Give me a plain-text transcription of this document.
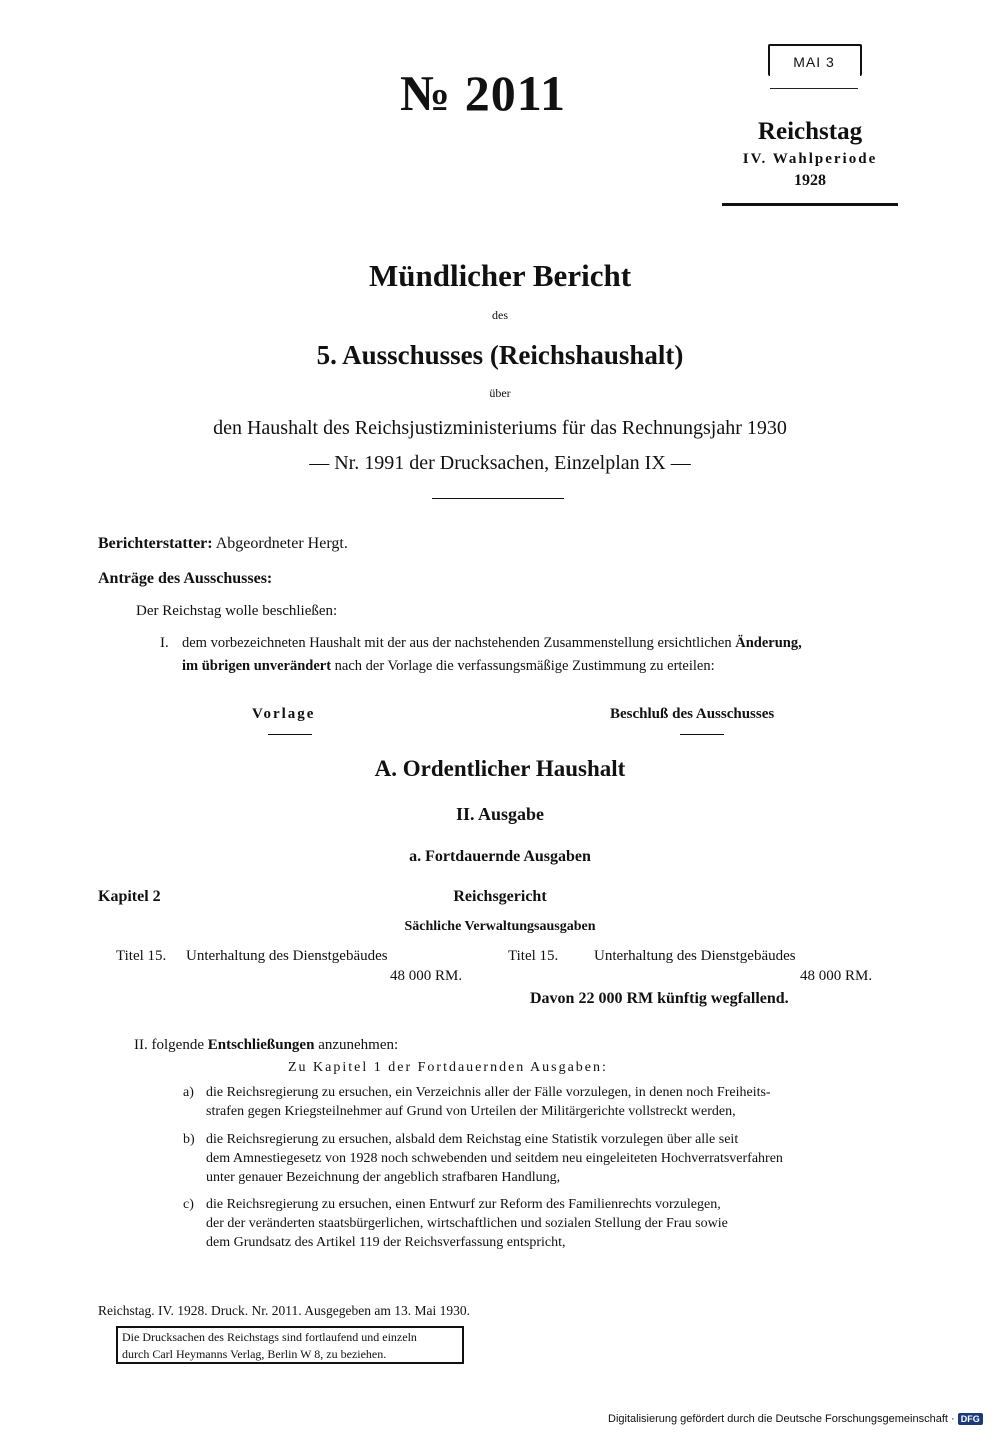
№ 2011
MAI 3
Reichstag
IV. Wahlperiode
1928
Mündlicher Bericht
des
5. Ausschusses (Reichshaushalt)
über
den Haushalt des Reichsjustizministeriums für das Rechnungsjahr 1930
— Nr. 1991 der Drucksachen, Einzelplan IX —
Berichterstatter: Abgeordneter Hergt.
Anträge des Ausschusses:
Der Reichstag wolle beschließen:
I. dem vorbezeichneten Haushalt mit der aus der nachstehenden Zusammenstellung ersichtlichen Änderung,
im übrigen unverändert nach der Vorlage die verfassungsmäßige Zustimmung zu erteilen:
Vorlage	Beschluß des Ausschusses
A. Ordentlicher Haushalt
II. Ausgabe
a. Fortdauernde Ausgaben
Kapitel 2	Reichsgericht
Sächliche Verwaltungsausgaben
Titel 15. Unterhaltung des Dienstgebäudes
48 000 RM.
Titel 15. Unterhaltung des Dienstgebäudes
48 000 RM.
Davon 22 000 RM künftig wegfallend.
II. folgende Entschließungen anzunehmen:
Zu Kapitel 1 der Fortdauernden Ausgaben:
a) die Reichsregierung zu ersuchen, ein Verzeichnis aller der Fälle vorzulegen, in denen noch Freiheits-
strafen gegen Kriegsteilnehmer auf Grund von Urteilen der Militärgerichte vollstreckt werden,
b) die Reichsregierung zu ersuchen, alsbald dem Reichstag eine Statistik vorzulegen über alle seit
dem Amnestiegesetz von 1928 noch schwebenden und seitdem neu eingeleiteten Hochverratsverfahren
unter genauer Bezeichnung der angeblich strafbaren Handlung,
c) die Reichsregierung zu ersuchen, einen Entwurf zur Reform des Familienrechts vorzulegen,
der der veränderten staatsbürgerlichen, wirtschaftlichen und sozialen Stellung der Frau sowie
dem Grundsatz des Artikel 119 der Reichsverfassung entspricht,
Reichstag. IV. 1928. Druck. Nr. 2011. Ausgegeben am 13. Mai 1930.
Die Drucksachen des Reichstags sind fortlaufend und einzeln
durch Carl Heymanns Verlag, Berlin W 8, zu beziehen.
Digitalisierung gefördert durch die Deutsche Forschungsgemeinschaft · DFG
